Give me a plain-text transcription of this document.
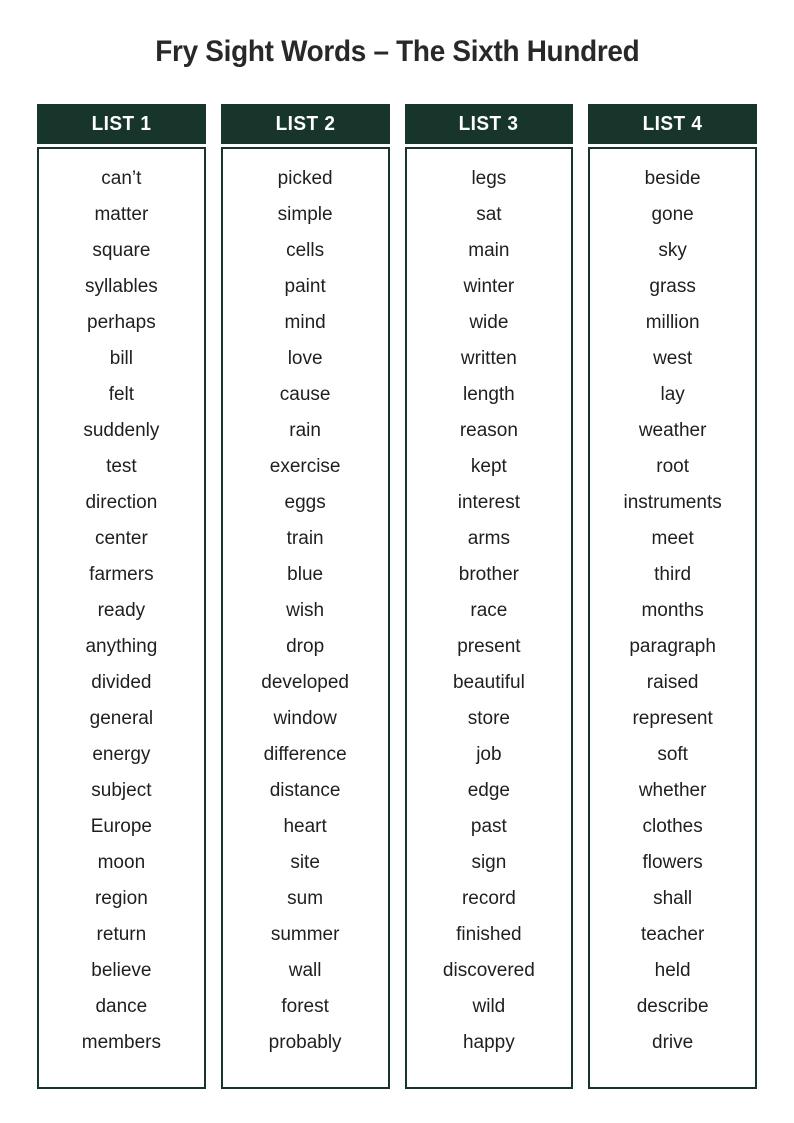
Fry Sight Words – The Sixth Hundred
LIST 1
can’t
matter
square
syllables
perhaps
bill
felt
suddenly
test
direction
center
farmers
ready
anything
divided
general
energy
subject
Europe
moon
region
return
believe
dance
members
LIST 2
picked
simple
cells
paint
mind
love
cause
rain
exercise
eggs
train
blue
wish
drop
developed
window
difference
distance
heart
site
sum
summer
wall
forest
probably
LIST 3
legs
sat
main
winter
wide
written
length
reason
kept
interest
arms
brother
race
present
beautiful
store
job
edge
past
sign
record
finished
discovered
wild
happy
LIST 4
beside
gone
sky
grass
million
west
lay
weather
root
instruments
meet
third
months
paragraph
raised
represent
soft
whether
clothes
flowers
shall
teacher
held
describe
drive
